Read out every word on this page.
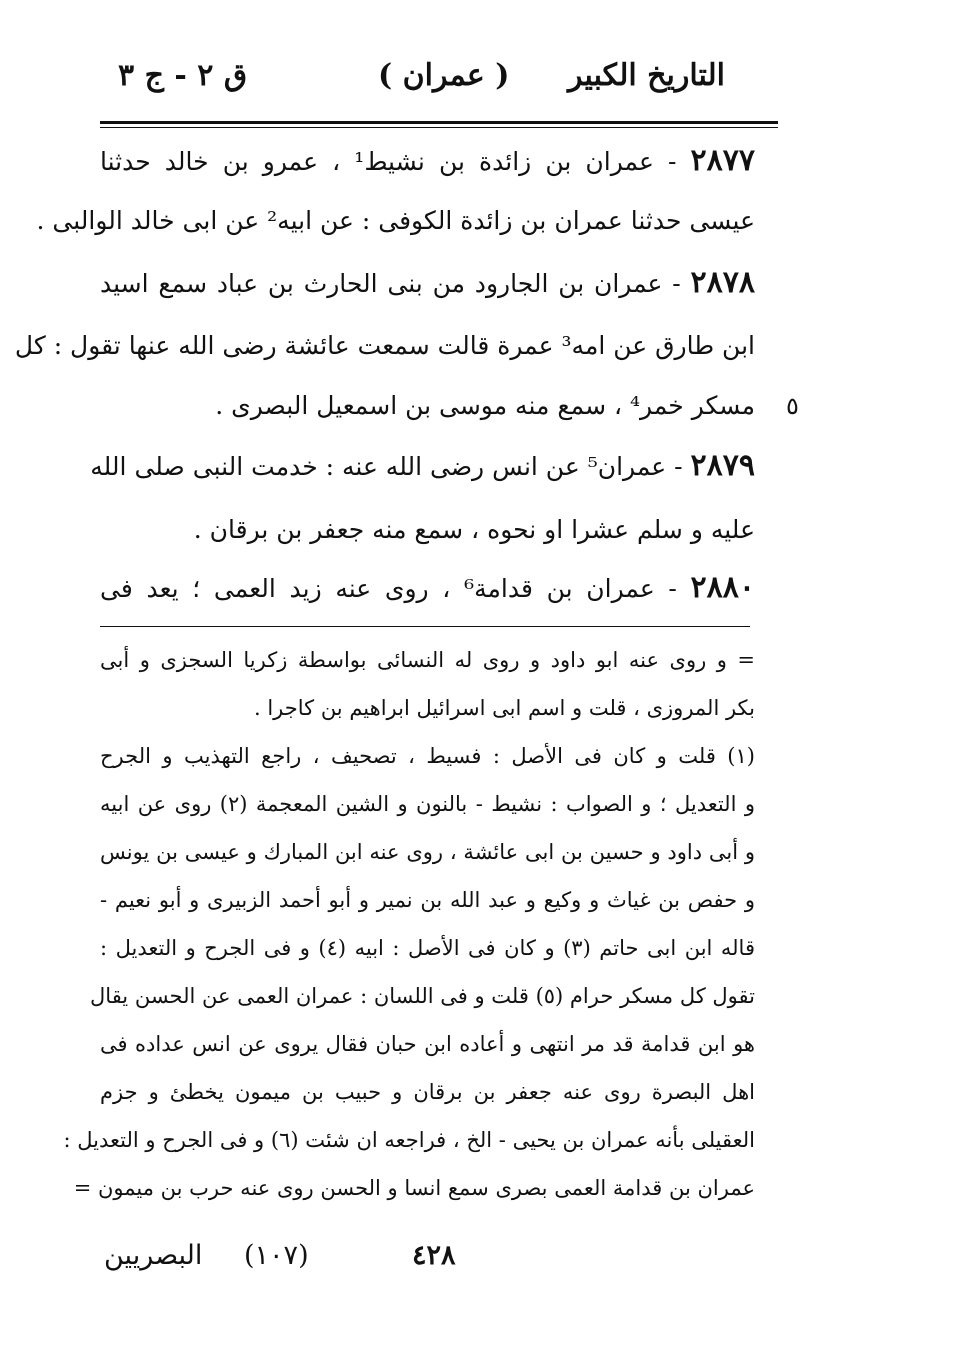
التاريخ الكبير
( عمران )
ق ٢ - ج ٣
٢٨٧٧ - عمران بن زائدة بن نشيط¹ ، عمرو بن خالد حدثنا
عيسى حدثنا عمران بن زائدة الكوفى : عن ابيه² عن ابى خالد الوالبى .
٢٨٧٨ - عمران بن الجارود من بنى الحارث بن عباد سمع اسيد
ابن طارق عن امه³ عمرة قالت سمعت عائشة رضى الله عنها تقول : كل
مسكر خمر⁴ ، سمع منه موسى بن اسمعيل البصرى . ٥
٢٨٧٩ - عمران⁵ عن انس رضى الله عنه : خدمت النبى صلى الله
عليه و سلم عشرا او نحوه ، سمع منه جعفر بن برقان .
٢٨٨٠ - عمران بن قدامة⁶ ، روى عنه زيد العمى ؛ يعد فى
= و روى عنه ابو داود و روى له النسائى بواسطة زكريا السجزى و أبى
بكر المروزى ، قلت و اسم ابى اسرائيل ابراهيم بن كاجرا .
(١) قلت و كان فى الأصل : فسيط ، تصحيف ، راجع التهذيب و الجرح
و التعديل ؛ و الصواب : نشيط - بالنون و الشين المعجمة (٢) روى عن ابيه
و أبى داود و حسين بن ابى عائشة ، روى عنه ابن المبارك و عيسى بن يونس
و حفص بن غياث و وكيع و عبد الله بن نمير و أبو أحمد الزبيرى و أبو نعيم -
قاله ابن ابى حاتم (٣) و كان فى الأصل : ابيه (٤) و فى الجرح و التعديل :
تقول كل مسكر حرام (٥) قلت و فى اللسان : عمران العمى عن الحسن يقال
هو ابن قدامة قد مر انتهى و أعاده ابن حبان فقال يروى عن انس عداده فى
اهل البصرة روى عنه جعفر بن برقان و حبيب بن ميمون يخطئ و جزم
العقيلى بأنه عمران بن يحيى - الخ ، فراجعه ان شئت (٦) و فى الجرح و التعديل :
عمران بن قدامة العمى بصرى سمع انسا و الحسن روى عنه حرب بن ميمون =
البصريين (١٠٧)	٤٢٨
